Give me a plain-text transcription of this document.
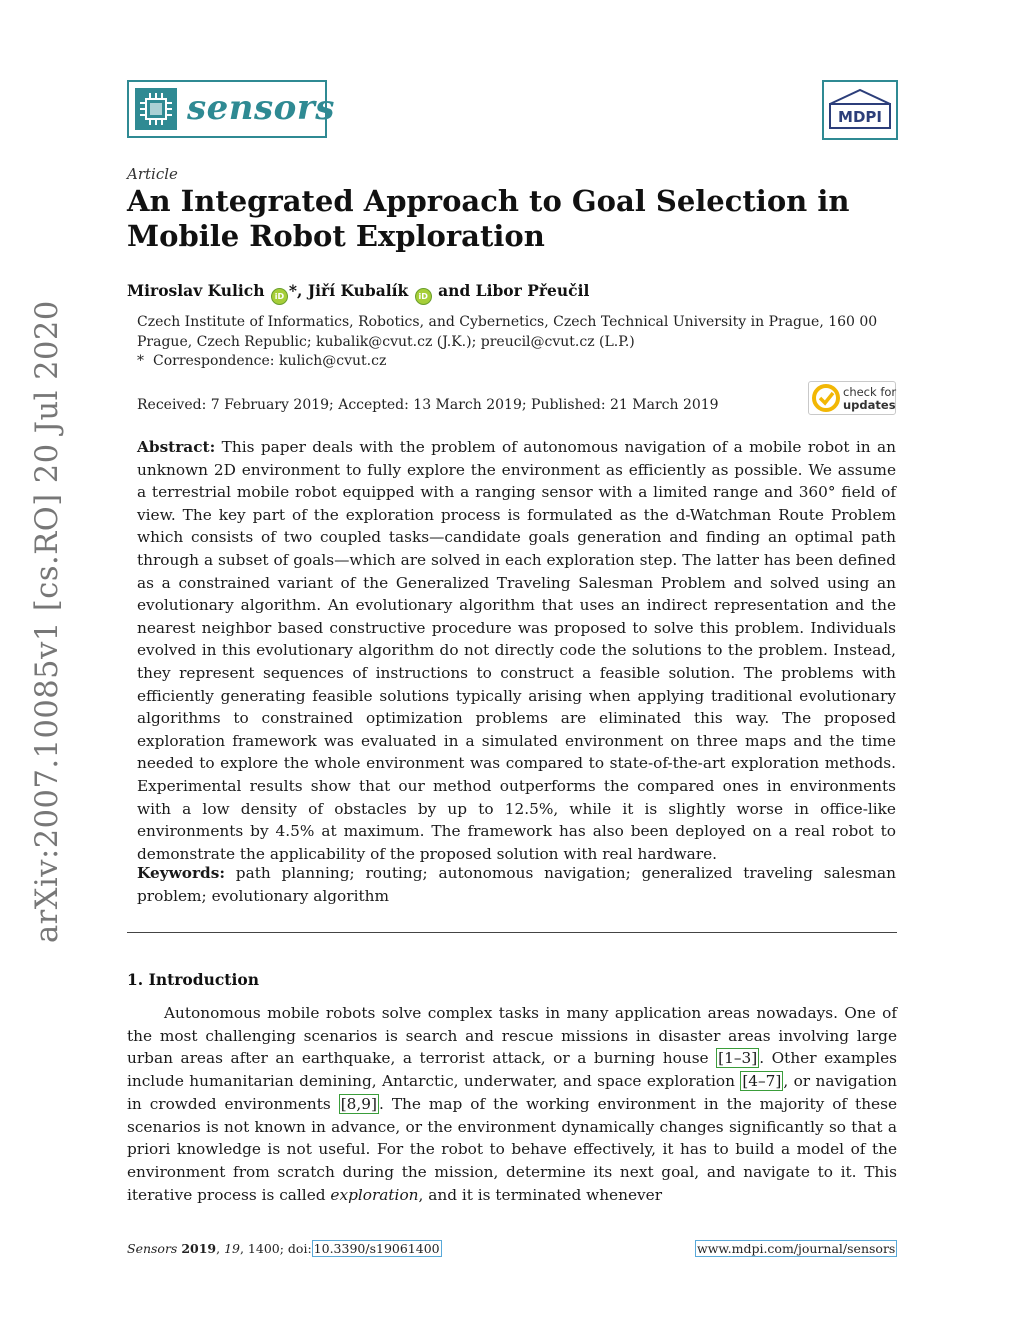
sensors	MDPI
arXiv:2007.10085v1 [cs.RO] 20 Jul 2020
Article
An Integrated Approach to Goal Selection in Mobile Robot Exploration
Miroslav Kulich iD *, Jiří Kubalík iD and Libor Přeučil
Czech Institute of Informatics, Robotics, and Cybernetics, Czech Technical University in Prague, 160 00 Prague, Czech Republic; kubalik@cvut.cz (J.K.); preucil@cvut.cz (L.P.)
* Correspondence: kulich@cvut.cz
Received: 7 February 2019; Accepted: 13 March 2019; Published: 21 March 2019
check for
updates

Abstract: This paper deals with the problem of autonomous navigation of a mobile robot in an unknown 2D environment to fully explore the environment as efficiently as possible. We assume a terrestrial mobile robot equipped with a ranging sensor with a limited range and 360° field of view. The key part of the exploration process is formulated as the d-Watchman Route Problem which consists of two coupled tasks—candidate goals generation and finding an optimal path through a subset of goals—which are solved in each exploration step. The latter has been defined as a constrained variant of the Generalized Traveling Salesman Problem and solved using an evolutionary algorithm. An evolutionary algorithm that uses an indirect representation and the nearest neighbor based constructive procedure was proposed to solve this problem. Individuals evolved in this evolutionary algorithm do not directly code the solutions to the problem. Instead, they represent sequences of instructions to construct a feasible solution. The problems with efficiently generating feasible solutions typically arising when applying traditional evolutionary algorithms to constrained optimization problems are eliminated this way. The proposed exploration framework was evaluated in a simulated environment on three maps and the time needed to explore the whole environment was compared to state-of-the-art exploration methods. Experimental results show that our method outperforms the compared ones in environments with a low density of obstacles by up to 12.5%, while it is slightly worse in office-like environments by 4.5% at maximum. The framework has also been deployed on a real robot to demonstrate the applicability of the proposed solution with real hardware.

Keywords: path planning; routing; autonomous navigation; generalized traveling salesman problem; evolutionary algorithm

1. Introduction

Autonomous mobile robots solve complex tasks in many application areas nowadays. One of the most challenging scenarios is search and rescue missions in disaster areas involving large urban areas after an earthquake, a terrorist attack, or a burning house [1–3] . Other examples include humanitarian demining, Antarctic, underwater, and space exploration [4–7] , or navigation in crowded environments [8,9] . The map of the working environment in the majority of these scenarios is not known in advance, or the environment dynamically changes significantly so that a priori knowledge is not useful. For the robot to behave effectively, it has to build a model of the environment from scratch during the mission, determine its next goal, and navigate to it. This iterative process is called exploration, and it is terminated whenever

Sensors 2019, 19, 1400; doi: 10.3390/s19061400	www.mdpi.com/journal/sensors
